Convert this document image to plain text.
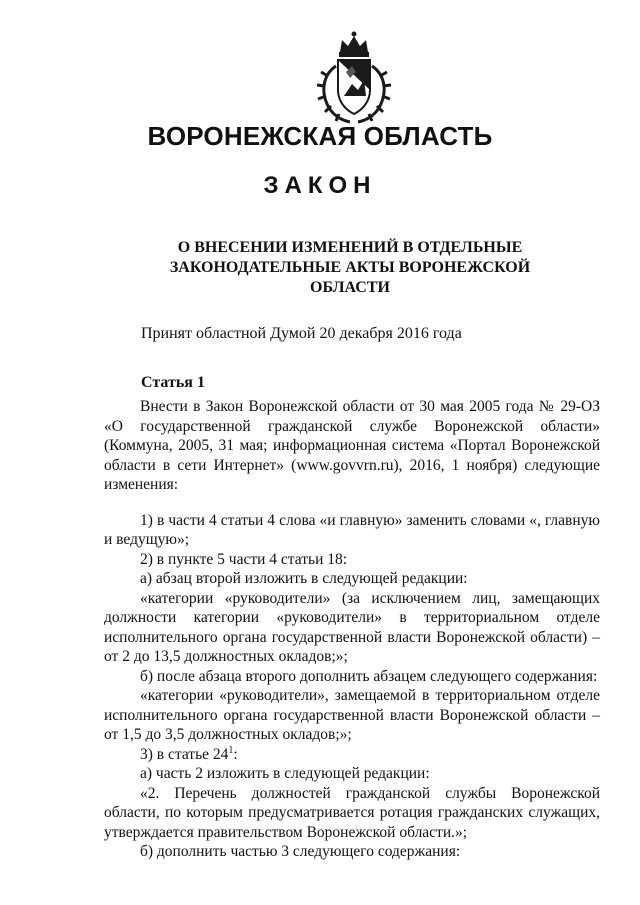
ВОРОНЕЖСКАЯ ОБЛАСТЬ
ЗАКОН
О ВНЕСЕНИИ ИЗМЕНЕНИЙ В ОТДЕЛЬНЫЕ ЗАКОНОДАТЕЛЬНЫЕ АКТЫ ВОРОНЕЖСКОЙ ОБЛАСТИ
Принят областной Думой 20 декабря 2016 года
Статья 1

Внести в Закон Воронежской области от 30 мая 2005 года № 29-ОЗ «О государственной гражданской службе Воронежской области» (Коммуна, 2005, 31 мая; информационная система «Портал Воронежской области в сети Интернет» (www.govvrn.ru), 2016, 1 ноября) следующие изменения:

1) в части 4 статьи 4 слова «и главную» заменить словами «, главную и ведущую»;

2) в пункте 5 части 4 статьи 18:

а) абзац второй изложить в следующей редакции:

«категории «руководители» (за исключением лиц, замещающих должности категории «руководители» в территориальном отделе исполнительного органа государственной власти Воронежской области) – от 2 до 13,5 должностных окладов;»;

б) после абзаца второго дополнить абзацем следующего содержания:

«категории «руководители», замещаемой в территориальном отделе исполнительного органа государственной власти Воронежской области – от 1,5 до 3,5 должностных окладов;»;

3) в статье $24^1$:

а) часть 2 изложить в следующей редакции:

«2. Перечень должностей гражданской службы Воронежской области, по которым предусматривается ротация гражданских служащих, утверждается правительством Воронежской области.»;

б) дополнить частью 3 следующего содержания:
